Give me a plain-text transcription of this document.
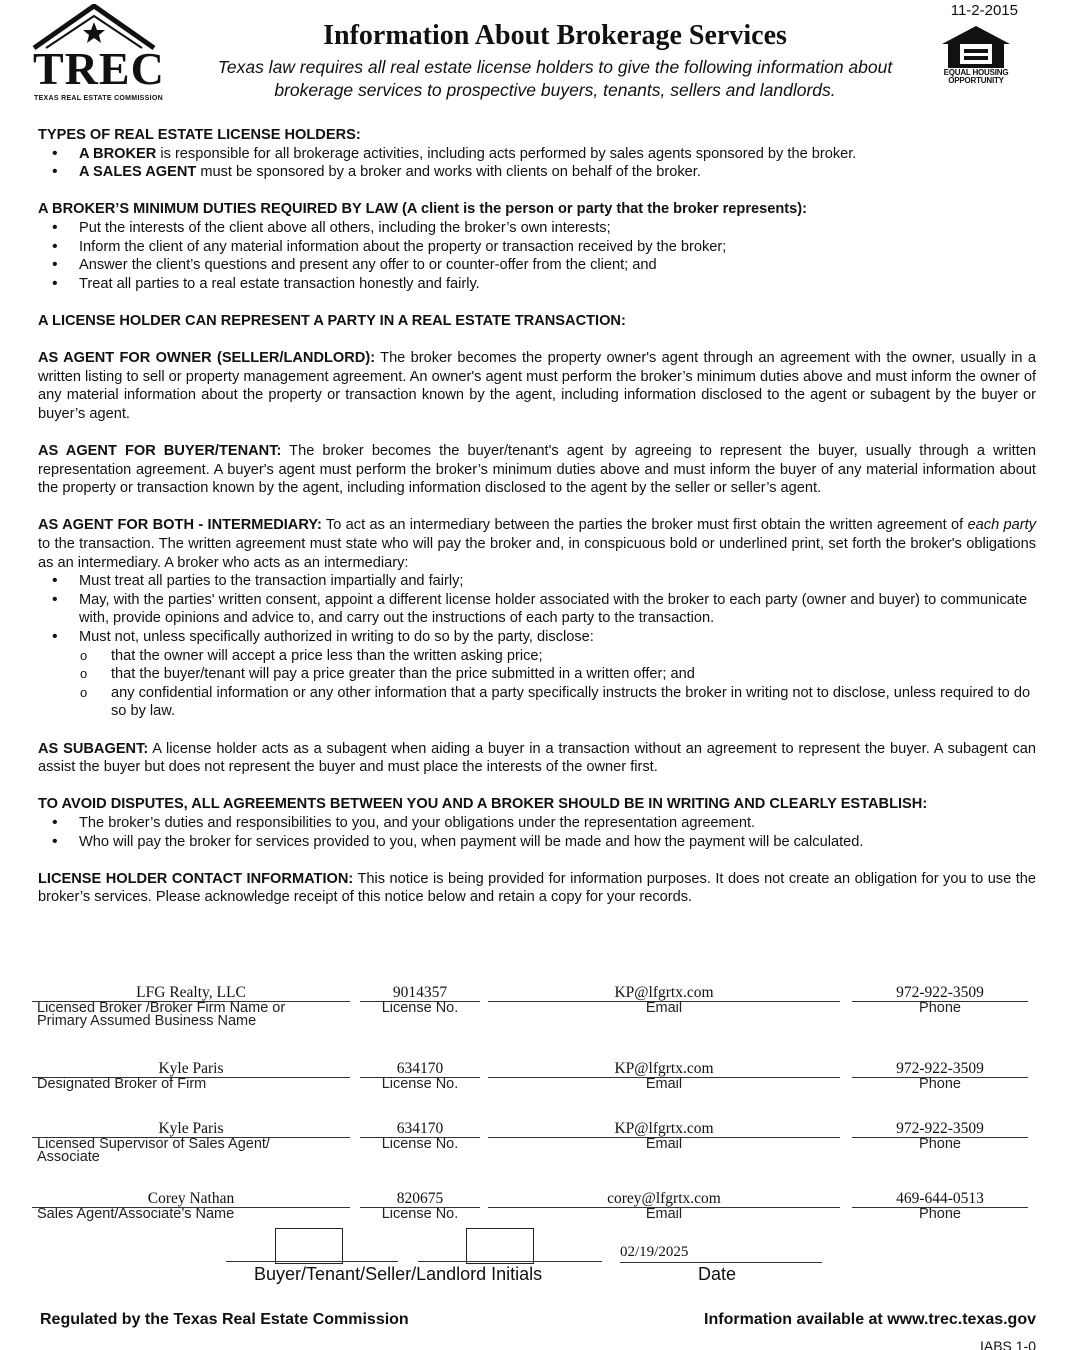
TREC
TEXAS REAL ESTATE COMMISSION
Information About Brokerage Services
Texas law requires all real estate license holders to give the following information about
brokerage services to prospective buyers, tenants, sellers and landlords.
11-2-2015
EQUAL HOUSING
OPPORTUNITY

TYPES OF REAL ESTATE LICENSE HOLDERS:

• A BROKER is responsible for all brokerage activities, including acts performed by sales agents sponsored by the broker.
• A SALES AGENT must be sponsored by a broker and works with clients on behalf of the broker.

A BROKER’S MINIMUM DUTIES REQUIRED BY LAW (A client is the person or party that the broker represents):

• Put the interests of the client above all others, including the broker’s own interests;
• Inform the client of any material information about the property or transaction received by the broker;
• Answer the client’s questions and present any offer to or counter-offer from the client; and
• Treat all parties to a real estate transaction honestly and fairly.

A LICENSE HOLDER CAN REPRESENT A PARTY IN A REAL ESTATE TRANSACTION:

AS AGENT FOR OWNER (SELLER/LANDLORD): The broker becomes the property owner's agent through an agreement with the owner, usually in a written listing to sell or property management agreement. An owner's agent must perform the broker’s minimum duties above and must inform the owner of any material information about the property or transaction known by the agent, including information disclosed to the agent or subagent by the buyer or buyer’s agent.

AS AGENT FOR BUYER/TENANT: The broker becomes the buyer/tenant's agent by agreeing to represent the buyer, usually through a written representation agreement. A buyer's agent must perform the broker’s minimum duties above and must inform the buyer of any material information about the property or transaction known by the agent, including information disclosed to the agent by the seller or seller’s agent.

AS AGENT FOR BOTH - INTERMEDIARY: To act as an intermediary between the parties the broker must first obtain the written agreement of each party to the transaction. The written agreement must state who will pay the broker and, in conspicuous bold or underlined print, set forth the broker's obligations as an intermediary. A broker who acts as an intermediary:

• Must treat all parties to the transaction impartially and fairly;
• May, with the parties' written consent, appoint a different license holder associated with the broker to each party (owner and buyer) to communicate with, provide opinions and advice to, and carry out the instructions of each party to the transaction.
• Must not, unless specifically authorized in writing to do so by the party, disclose:
o that the owner will accept a price less than the written asking price;
o that the buyer/tenant will pay a price greater than the price submitted in a written offer; and
o any confidential information or any other information that a party specifically instructs the broker in writing not to disclose, unless required to do so by law.

AS SUBAGENT: A license holder acts as a subagent when aiding a buyer in a transaction without an agreement to represent the buyer. A subagent can assist the buyer but does not represent the buyer and must place the interests of the owner first.

TO AVOID DISPUTES, ALL AGREEMENTS BETWEEN YOU AND A BROKER SHOULD BE IN WRITING AND CLEARLY ESTABLISH:

• The broker’s duties and responsibilities to you, and your obligations under the representation agreement.
• Who will pay the broker for services provided to you, when payment will be made and how the payment will be calculated.

LICENSE HOLDER CONTACT INFORMATION: This notice is being provided for information purposes. It does not create an obligation for you to use the broker’s services. Please acknowledge receipt of this notice below and retain a copy for your records.

LFG Realty, LLC
Licensed Broker /Broker Firm Name or
Primary Assumed Business Name
9014357
License No.
KP@lfgrtx.com
Email
972-922-3509
Phone
Kyle Paris
Designated Broker of Firm
634170
License No.
KP@lfgrtx.com
Email
972-922-3509
Phone
Kyle Paris
Licensed Supervisor of Sales Agent/
Associate
634170
License No.
KP@lfgrtx.com
Email
972-922-3509
Phone
Corey Nathan
Sales Agent/Associate’s Name
820675
License No.
corey@lfgrtx.com
Email
469-644-0513
Phone
Buyer/Tenant/Seller/Landlord Initials
02/19/2025
Date
Regulated by the Texas Real Estate Commission	Information available at www.trec.texas.gov
IABS 1-0
